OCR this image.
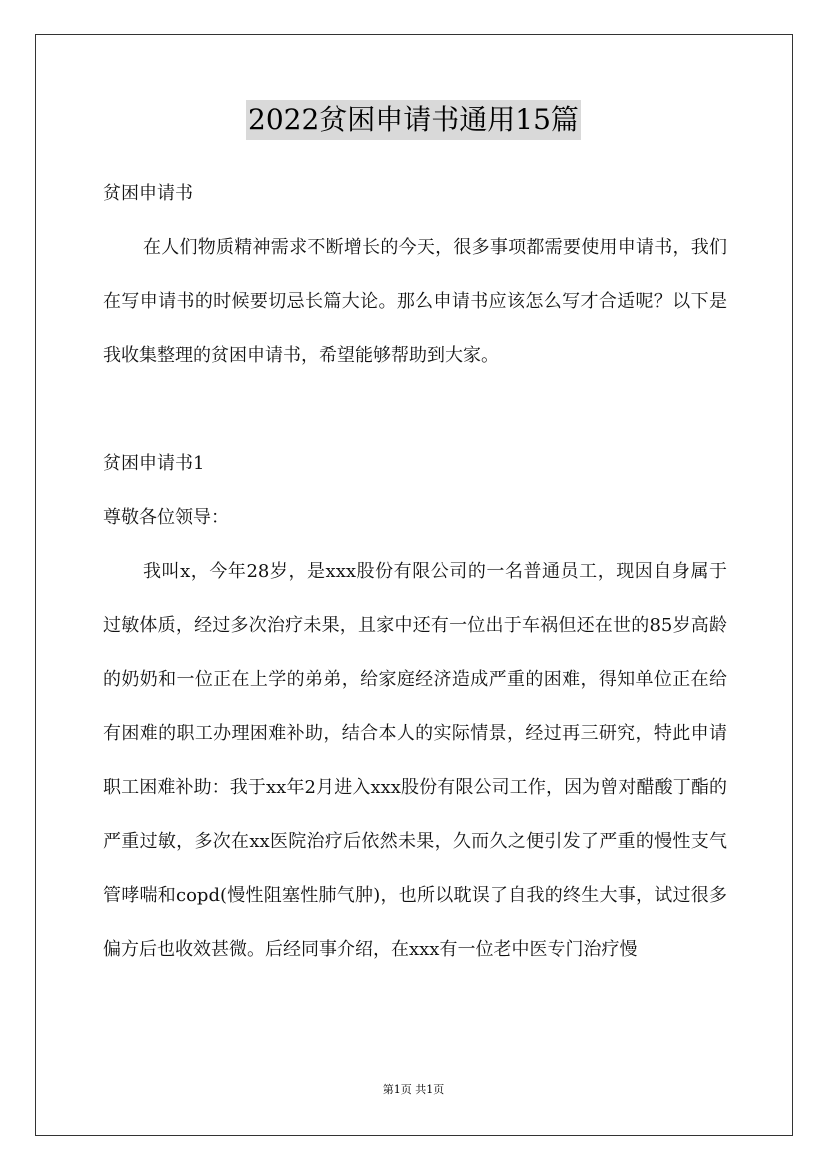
2022贫困申请书通用15篇

贫困申请书

在人们物质精神需求不断增长的今天，很多事项都需要使用申请书，我们在写申请书的时候要切忌长篇大论。那么申请书应该怎么写才合适呢？以下是我收集整理的贫困申请书，希望能够帮助到大家。

贫困申请书1

尊敬各位领导：

我叫x，今年28岁，是xxx股份有限公司的一名普通员工，现因自身属于过敏体质，经过多次治疗未果，且家中还有一位出于车祸但还在世的85岁高龄的奶奶和一位正在上学的弟弟，给家庭经济造成严重的困难，得知单位正在给有困难的职工办理困难补助，结合本人的实际情景，经过再三研究，特此申请职工困难补助：我于xx年2月进入xxx股份有限公司工作，因为曾对醋酸丁酯的严重过敏，多次在xx医院治疗后依然未果，久而久之便引发了严重的慢性支气管哮喘和copd(慢性阻塞性肺气肿)，也所以耽误了自我的终生大事，试过很多偏方后也收效甚微。后经同事介绍，在xxx有一位老中医专门治疗慢

第1页 共1页
